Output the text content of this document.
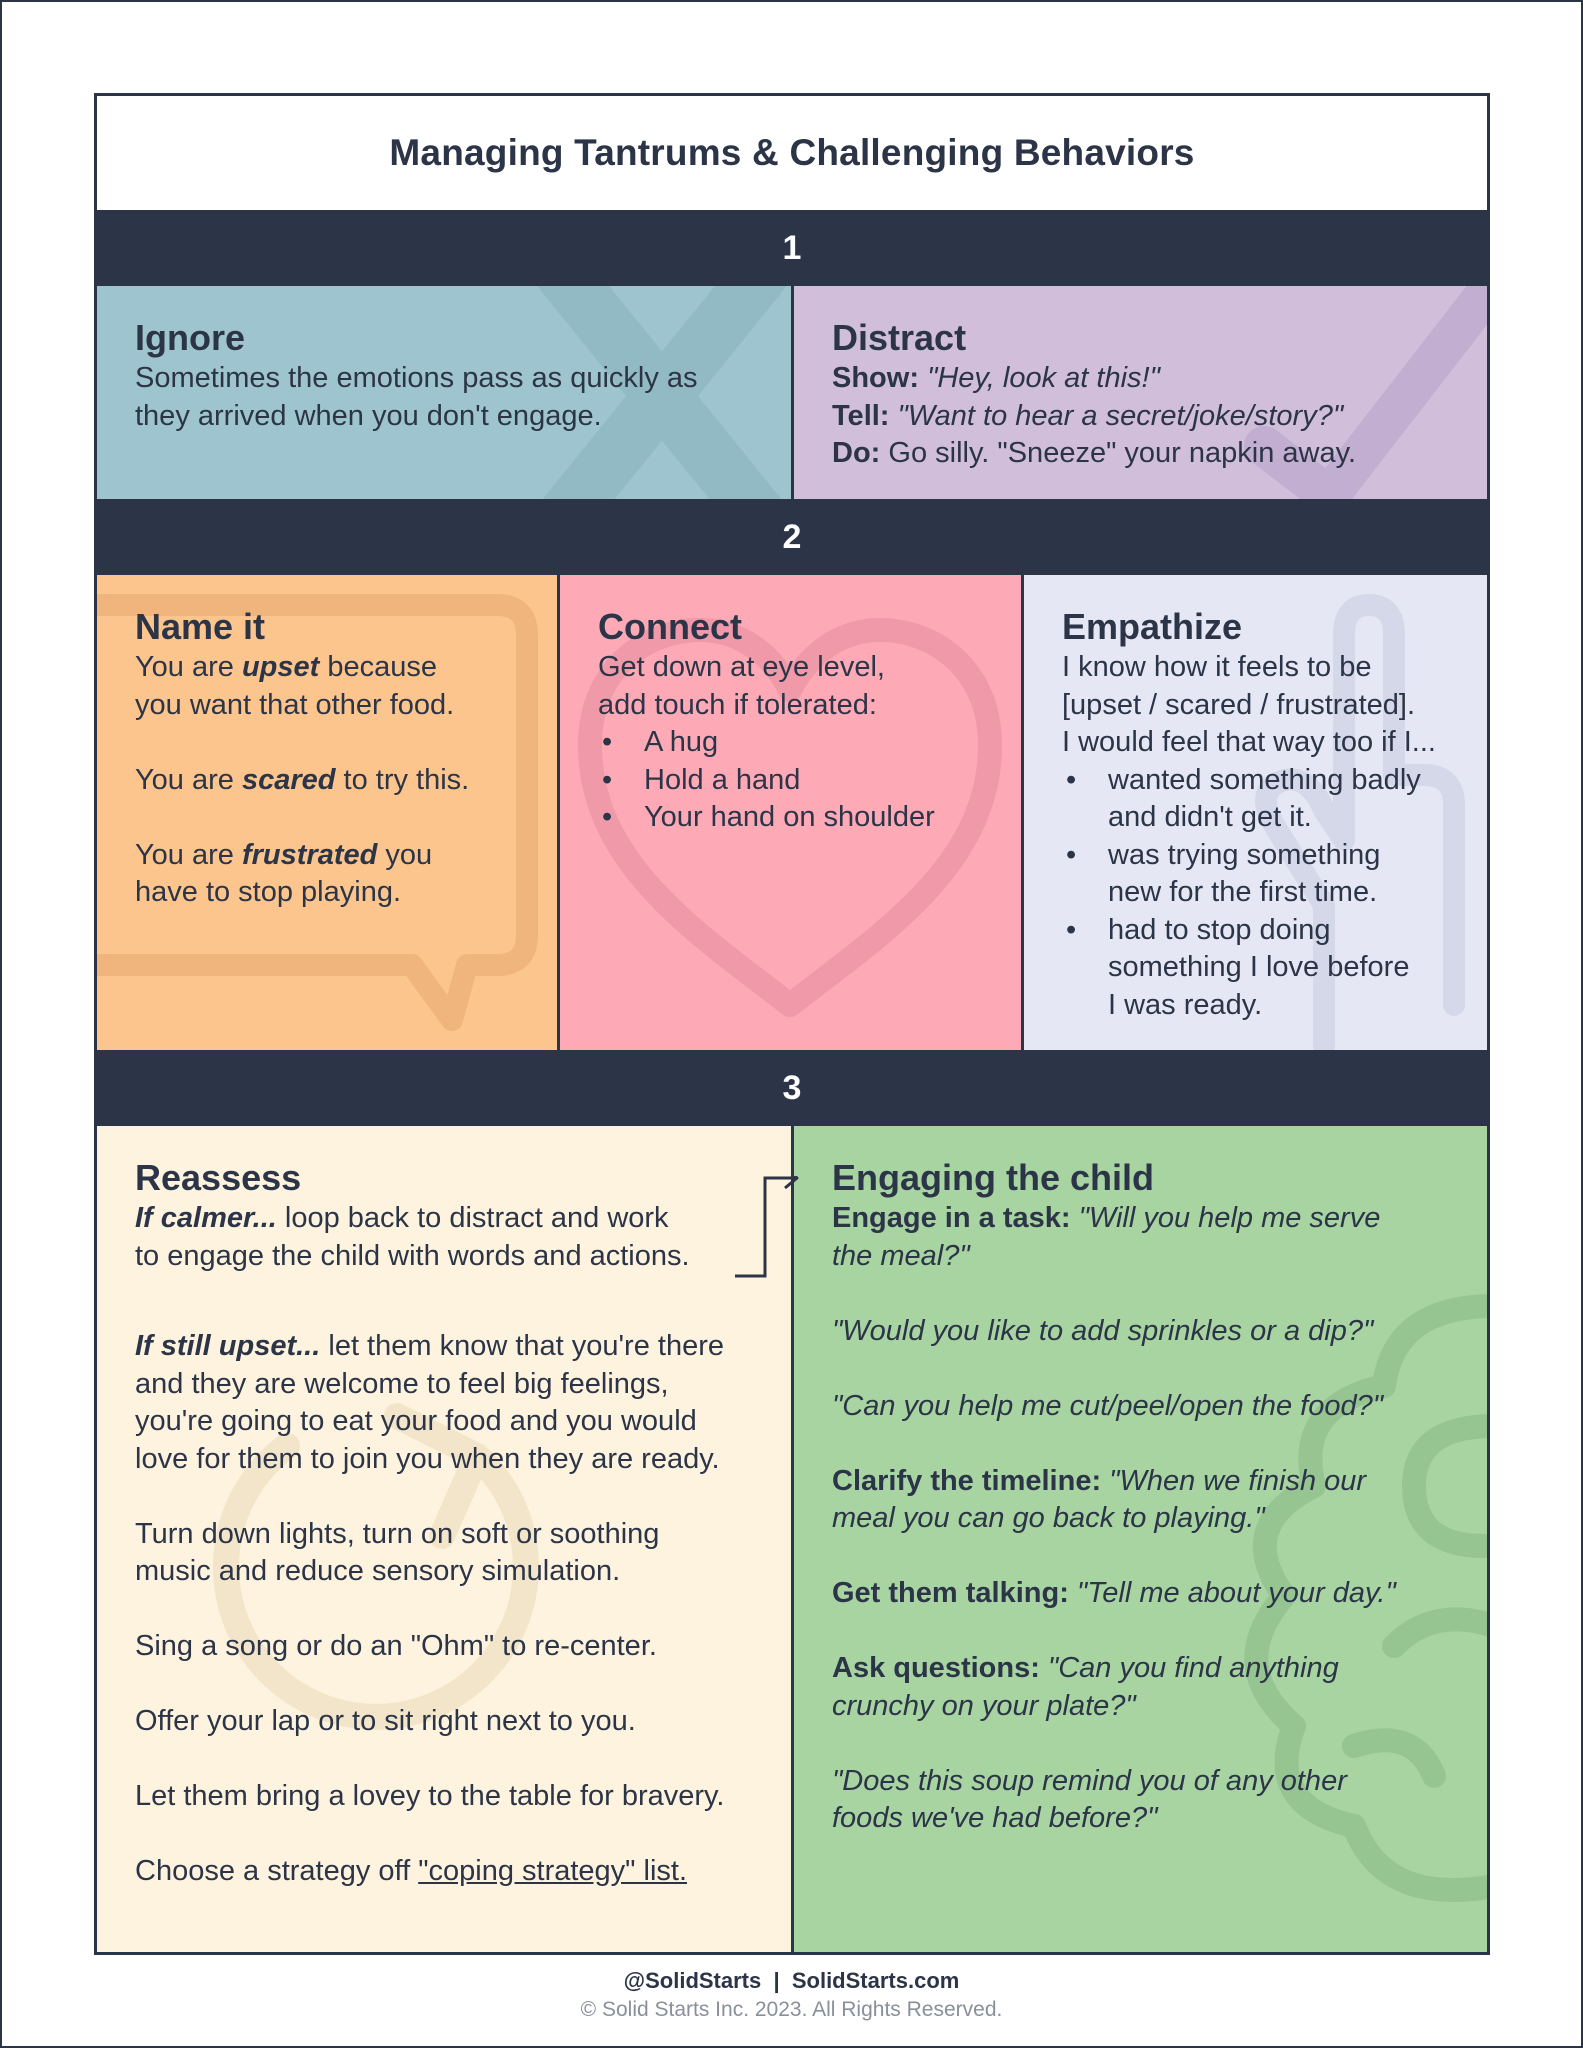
Managing Tantrums & Challenging Behaviors
1
Ignore
Sometimes the emotions pass as quickly as
they arrived when you don't engage.
Distract
Show: "Hey, look at this!"
Tell: "Want to hear a secret/joke/story?"
Do: Go silly. "Sneeze" your napkin away.
2
Name it
You are upset because
you want that other food.
You are scared to try this.
You are frustrated you
have to stop playing.
Connect
Get down at eye level,
add touch if tolerated:
• A hug
• Hold a hand
• Your hand on shoulder
Empathize
I know how it feels to be
[upset / scared / frustrated].
I would feel that way too if I...
• wanted something badly
and didn't get it.
• was trying something
new for the first time.
• had to stop doing
something I love before
I was ready.
3
Reassess
If calmer... loop back to distract and work
to engage the child with words and actions.
If still upset... let them know that you're there
and they are welcome to feel big feelings,
you're going to eat your food and you would
love for them to join you when they are ready.
Turn down lights, turn on soft or soothing
music and reduce sensory simulation.
Sing a song or do an "Ohm" to re-center.
Offer your lap or to sit right next to you.
Let them bring a lovey to the table for bravery.
Choose a strategy off "coping strategy" list.
Engaging the child
Engage in a task: "Will you help me serve
the meal?"
"Would you like to add sprinkles or a dip?"
"Can you help me cut/peel/open the food?"
Clarify the timeline: "When we finish our
meal you can go back to playing."
Get them talking: "Tell me about your day."
Ask questions: "Can you find anything
crunchy on your plate?"
"Does this soup remind you of any other
foods we've had before?"
@SolidStarts  |  SolidStarts.com
© Solid Starts Inc. 2023. All Rights Reserved.
